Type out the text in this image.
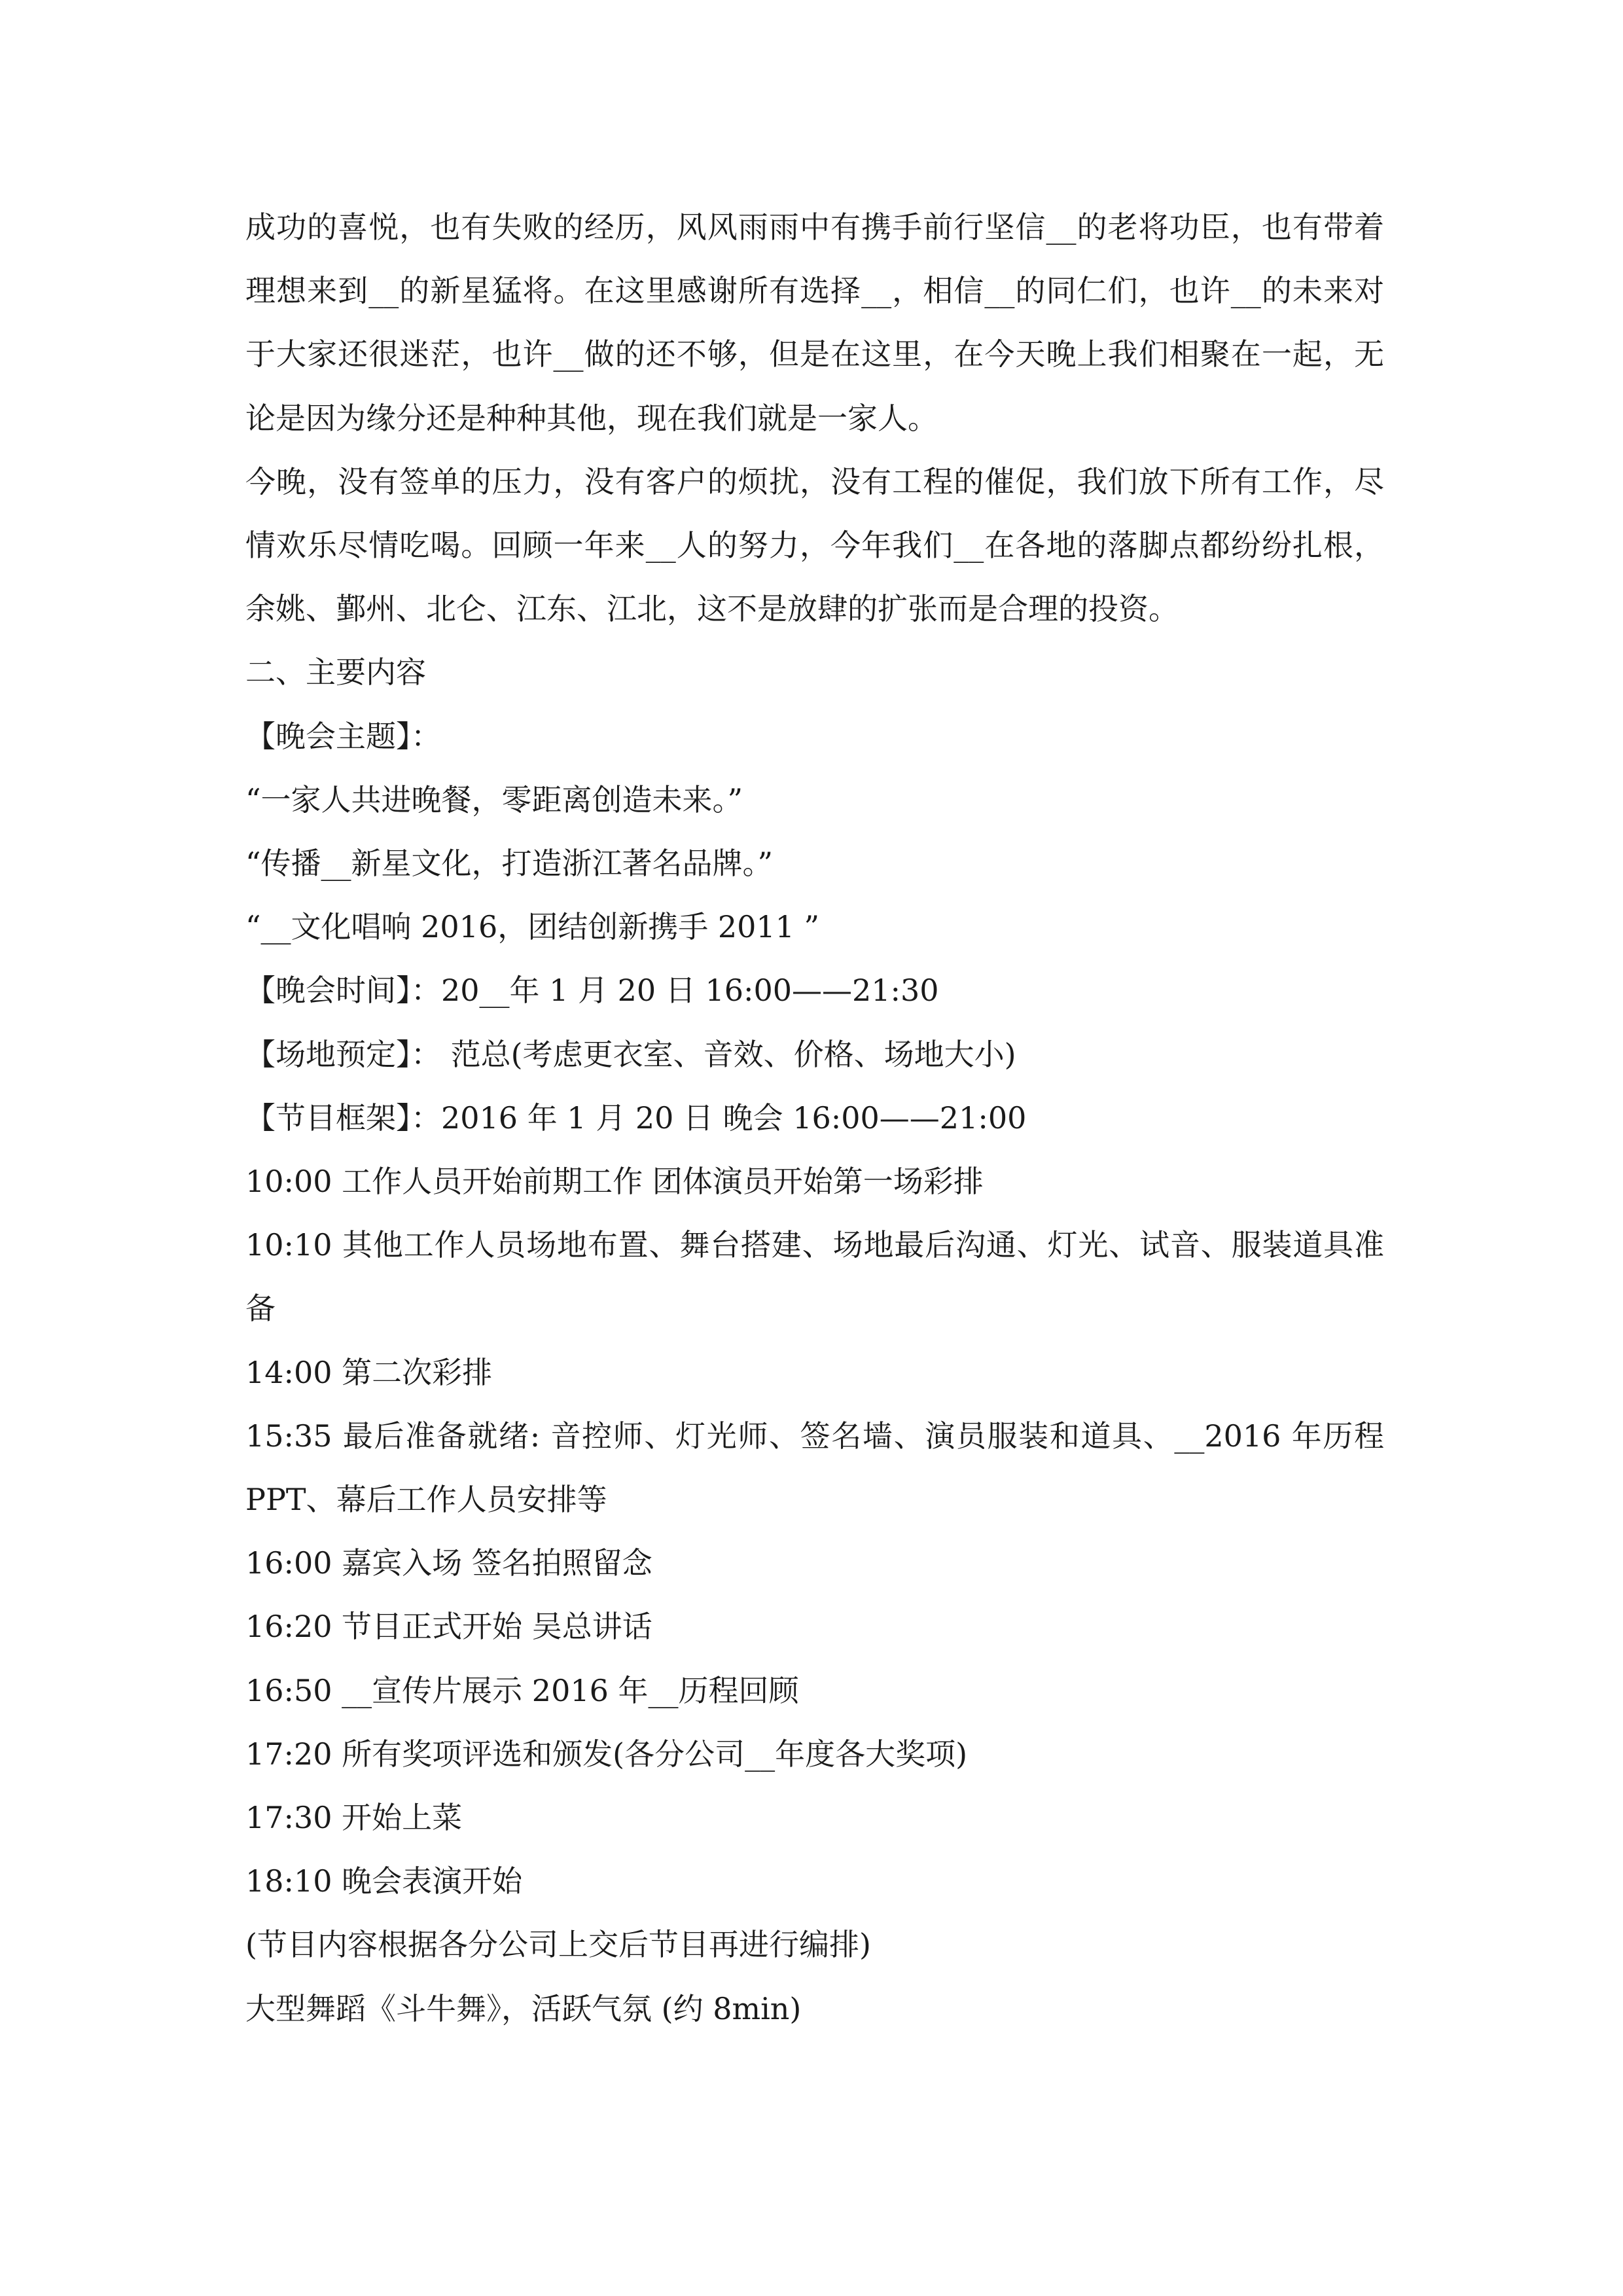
成功的喜悦，也有失败的经历，风风雨雨中有携手前行坚信__的老将功臣，也有带着理想来到__的新星猛将。在这里感谢所有选择__，相信__的同仁们，也许__的未来对于大家还很迷茫，也许__做的还不够，但是在这里，在今天晚上我们相聚在一起，无论是因为缘分还是种种其他，现在我们就是一家人。

今晚，没有签单的压力，没有客户的烦扰，没有工程的催促，我们放下所有工作，尽情欢乐尽情吃喝。回顾一年来__人的努力，今年我们__在各地的落脚点都纷纷扎根，余姚、鄞州、北仑、江东、江北，这不是放肆的扩张而是合理的投资。

二、主要内容

【晚会主题】：

“一家人共进晚餐，零距离创造未来。”

“传播__新星文化，打造浙江著名品牌。”

“__文化唱响 2016，团结创新携手 2011 ”

【晚会时间】：20__年 1 月 20 日 16:00——21:30

【场地预定】： 范总(考虑更衣室、音效、价格、场地大小)

【节目框架】：2016 年 1 月 20 日 晚会 16:00——21:00

10:00 工作人员开始前期工作 团体演员开始第一场彩排

10:10 其他工作人员场地布置、舞台搭建、场地最后沟通、灯光、试音、服装道具准备

14:00 第二次彩排

15:35 最后准备就绪: 音控师、灯光师、签名墙、演员服装和道具、__2016 年历程 PPT、幕后工作人员安排等

16:00 嘉宾入场 签名拍照留念

16:20 节目正式开始 吴总讲话

16:50 __宣传片展示 2016 年__历程回顾

17:20 所有奖项评选和颁发(各分公司__年度各大奖项)

17:30 开始上菜

18:10 晚会表演开始

(节目内容根据各分公司上交后节目再进行编排)

大型舞蹈《斗牛舞》，活跃气氛 (约 8min)
